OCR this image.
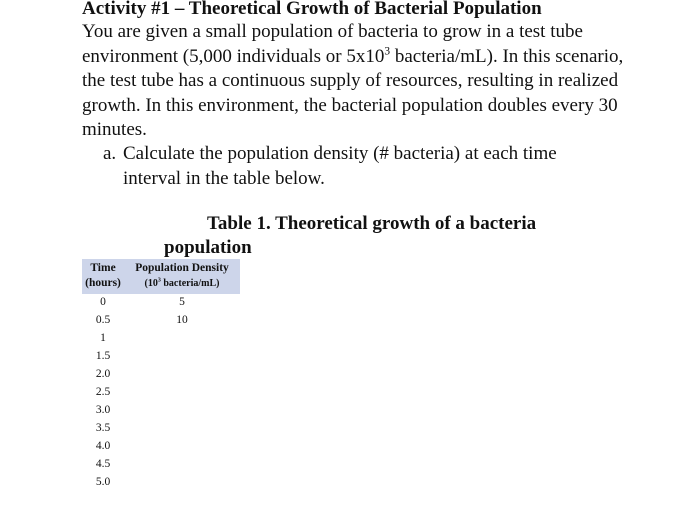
Activity #1 – Theoretical Growth of Bacterial Population

You are given a small population of bacteria to grow in a test tube environment (5,000 individuals or $5x10^3$ bacteria/mL). In this scenario, the test tube has a continuous supply of resources, resulting in realized growth. In this environment, the bacterial population doubles every 30 minutes.

a. Calculate the population density (# bacteria) at each time
interval in the table below.
Table 1. Theoretical growth of a bacteria
population
Time
(hours)	Population Density
($10^3$ bacteria/mL)
0	5
0.5	10
1	
1.5	
2.0	
2.5	
3.0	
3.5	
4.0	
4.5	
5.0	
